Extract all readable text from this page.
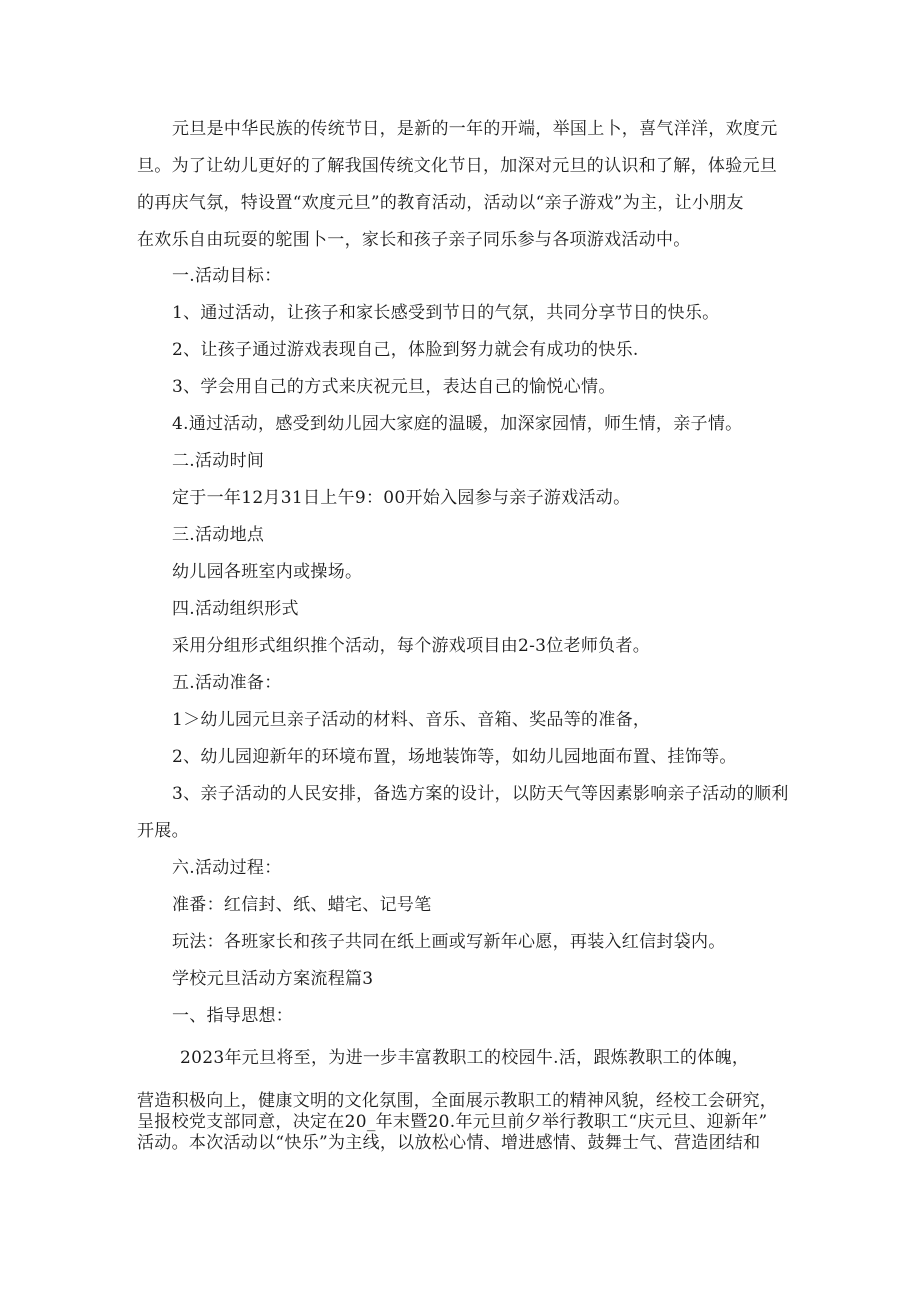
元旦是中华民族的传统节日，是新的一年的开端，举国上卜，喜气洋洋，欢度元
旦。为了让幼儿更好的了解我国传统文化节日，加深对元旦的认识和了解，体验元旦
的再庆气氛，特设置“欢度元旦”的教育活动，活动以“亲子游戏”为主，让小朋友
在欢乐自由玩耍的鸵围卜一，家长和孩子亲子同乐参与各项游戏活动中。
一.活动目标：
1、通过活动，让孩子和家长感受到节日的气氛，共同分享节日的快乐。
2、让孩子通过游戏表现自己，体脸到努力就会有成功的快乐.
3、学会用自己的方式来庆祝元旦，表达自己的愉悦心情。
4.通过活动，感受到幼儿园大家庭的温暖，加深家园情，师生情，亲子情。
二.活动时间
定于一年12月31日上午9：00开始入园参与亲子游戏活动。
三.活动地点
幼儿园各班室内或操场。
四.活动组织形式
采用分组形式组织推个活动，每个游戏项目由2-3位老师负者。
五.活动准备：
1＞幼儿园元旦亲子活动的材料、音乐、音箱、奖品等的准备，
2、幼儿园迎新年的环境布置，场地装饰等，如幼儿园地面布置、挂饰等。
3、亲子活动的人民安排，备选方案的设计，以防天气等因素影响亲子活动的顺利
开展。
六.活动过程：
准番：红信封、纸、蜡宅、记号笔
玩法：各班家长和孩子共同在纸上画或写新年心愿，再装入红信封袋内。
学校元旦活动方案流程篇3
一、指导思想：
2023年元旦将至，为进一步丰富教职工的校园牛.活，跟炼教职工的体魄，
营造积极向上，健康文明的文化氛围，全面展示教职工的精神风貌，经校工会研究，
呈报校党支部同意，决定在20_年末暨20.年元旦前夕举行教职工“庆元旦、迎新年”
活动。本次活动以“快乐”为主线，以放松心情、增进感情、鼓舞士气、营造团结和
